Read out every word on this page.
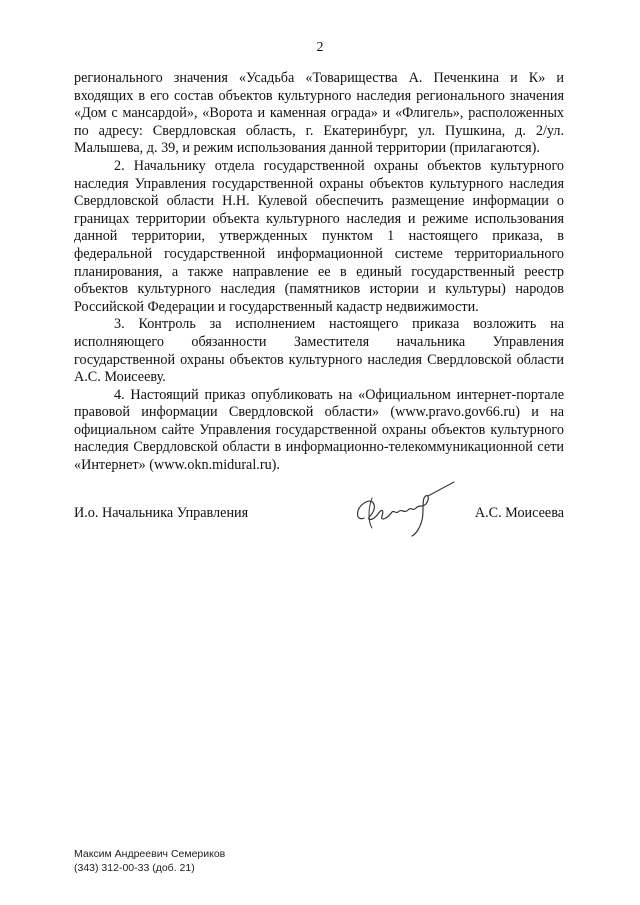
2

регионального значения «Усадьба «Товарищества А. Печенкина и К» и входящих в его состав объектов культурного наследия регионального значения «Дом с мансардой», «Ворота и каменная ограда» и «Флигель», расположенных по адресу: Свердловская область, г. Екатеринбург, ул. Пушкина, д. 2/ул. Малышева, д. 39, и режим использования данной территории (прилагаются).

2. Начальнику отдела государственной охраны объектов культурного наследия Управления государственной охраны объектов культурного наследия Свердловской области Н.Н. Кулевой обеспечить размещение информации о границах территории объекта культурного наследия и режиме использования данной территории, утвержденных пунктом 1 настоящего приказа, в федеральной государственной информационной системе территориального планирования, а также направление ее в единый государственный реестр объектов культурного наследия (памятников истории и культуры) народов Российской Федерации и государственный кадастр недвижимости.

3. Контроль за исполнением настоящего приказа возложить на исполняющего обязанности Заместителя начальника Управления государственной охраны объектов культурного наследия Свердловской области А.С. Моисееву.

4. Настоящий приказ опубликовать на «Официальном интернет-портале правовой информации Свердловской области» (www.pravo.gov66.ru) и на официальном сайте Управления государственной охраны объектов культурного наследия Свердловской области в информационно-телекоммуникационной сети «Интернет» (www.okn.midural.ru).

И.о. Начальника Управления	А.С. Моисеева
Максим Андреевич Семериков
(343) 312-00-33 (доб. 21)
